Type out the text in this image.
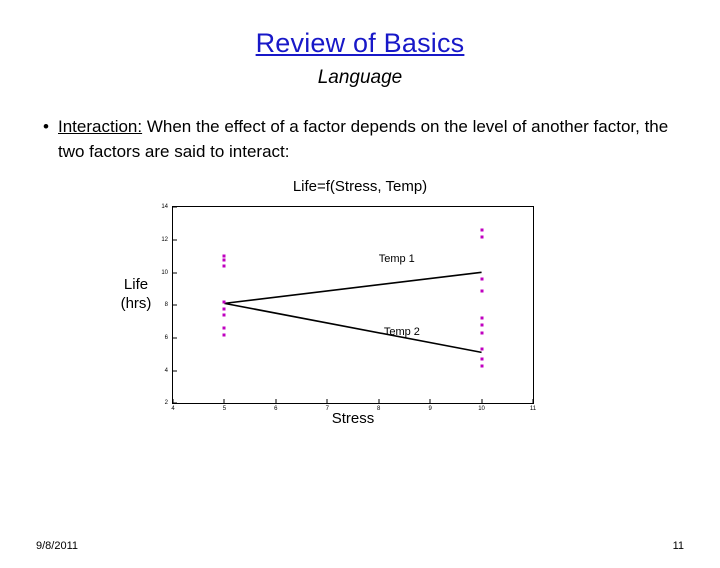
Review of Basics
Language
• Interaction: When the effect of a factor depends on the level of another factor, the two factors are said to interact:
Life=f(Stress, Temp)
Life
(hrs)
2
4
6
8
10
12
14
4	5	6	7	8	9	10	11
Temp 1
Temp 2
Stress
9/8/2011	11
